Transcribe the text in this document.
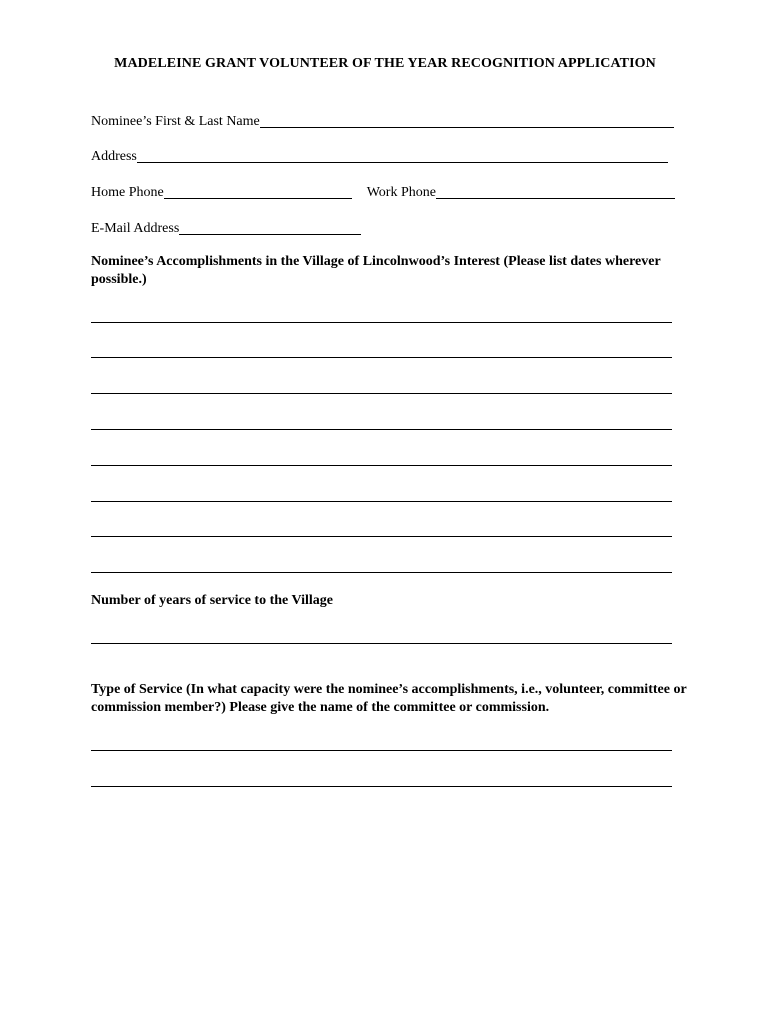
MADELEINE GRANT VOLUNTEER OF THE YEAR RECOGNITION APPLICATION
Nominee’s First & Last Name
Address
Home Phone	Work Phone
E-Mail Address
Nominee’s Accomplishments in the Village of Lincolnwood’s Interest (Please list dates wherever possible.)
Number of years of service to the Village
Type of Service (In what capacity were the nominee’s accomplishments, i.e., volunteer, committee or commission member?) Please give the name of the committee or commission.
